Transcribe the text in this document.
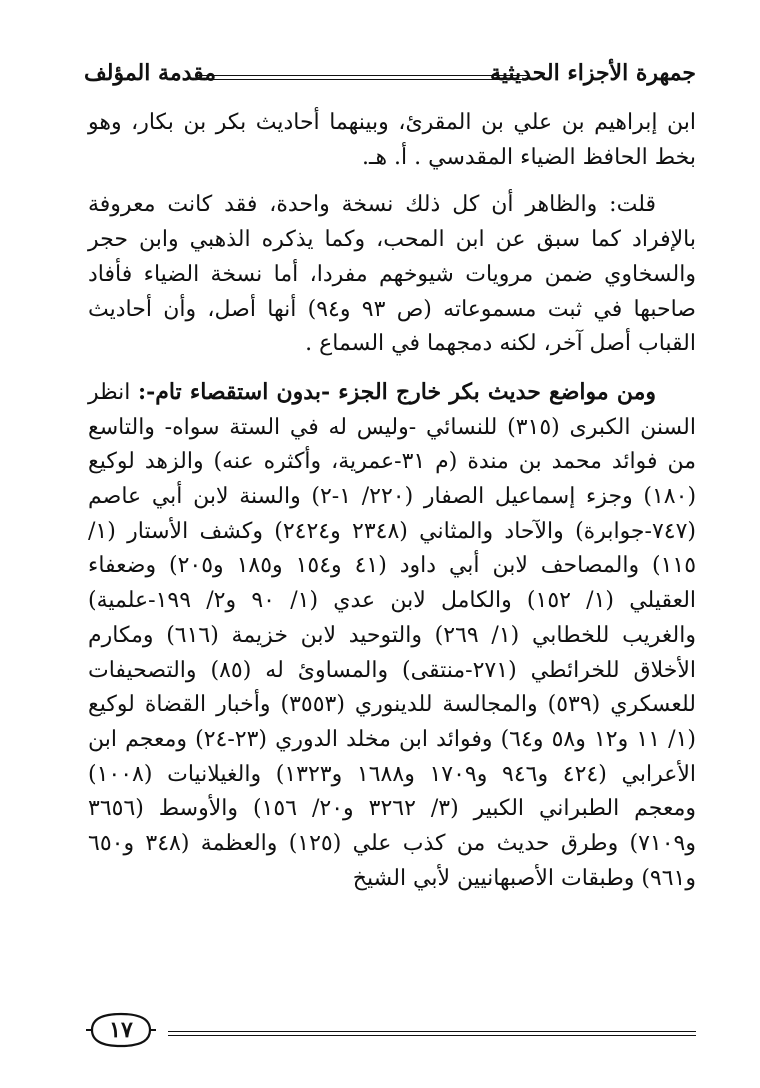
جمهرة الأجزاء الحديثية
مقدمة المؤلف

ابن إبراهيم بن علي بن المقرئ، وبينهما أحاديث بكر بن بكار، وهو بخط الحافظ الضياء المقدسي . أ. هـ.

قلت: والظاهر أن كل ذلك نسخة واحدة، فقد كانت معروفة بالإفراد كما سبق عن ابن المحب، وكما يذكره الذهبي وابن حجر والسخاوي ضمن مرويات شيوخهم مفردا، أما نسخة الضياء فأفاد صاحبها في ثبت مسموعاته (ص ٩٣ و٩٤) أنها أصل، وأن أحاديث القباب أصل آخر، لكنه دمجهما في السماع .

ومن مواضع حديث بكر خارج الجزء -بدون استقصاء تام-: انظر السنن الكبرى (٣١٥) للنسائي -وليس له في الستة سواه- والتاسع من فوائد محمد بن مندة (م ٣١-عمرية، وأكثره عنه) والزهد لوكيع (١٨٠) وجزء إسماعيل الصفار (٢٢٠/ ١-٢) والسنة لابن أبي عاصم (٧٤٧-جوابرة) والآحاد والمثاني (٢٣٤٨ و٢٤٢٤) وكشف الأستار (١/ ١١٥) والمصاحف لابن أبي داود (٤١ و١٥٤ و١٨٥ و٢٠٥) وضعفاء العقيلي (١/ ١٥٢) والكامل لابن عدي (١/ ٩٠ و٢/ ١٩٩-علمية) والغريب للخطابي (١/ ٢٦٩) والتوحيد لابن خزيمة (٦١٦) ومكارم الأخلاق للخرائطي (٢٧١-منتقى) والمساوئ له (٨٥) والتصحيفات للعسكري (٥٣٩) والمجالسة للدينوري (٣٥٥٣) وأخبار القضاة لوكيع (١/ ١١ و١٢ و٥٨ و٦٤) وفوائد ابن مخلد الدوري (٢٣-٢٤) ومعجم ابن الأعرابي (٤٢٤ و٩٤٦ و١٧٠٩ و١٦٨٨ و١٣٢٣) والغيلانيات (١٠٠٨) ومعجم الطبراني الكبير (٣/ ٣٢٦٢ و٢٠/ ١٥٦) والأوسط (٣٦٥٦ و٧١٠٩) وطرق حديث من كذب علي (١٢٥) والعظمة (٣٤٨ و٦٥٠ و٩٦١) وطبقات الأصبهانيين لأبي الشيخ

١٧
